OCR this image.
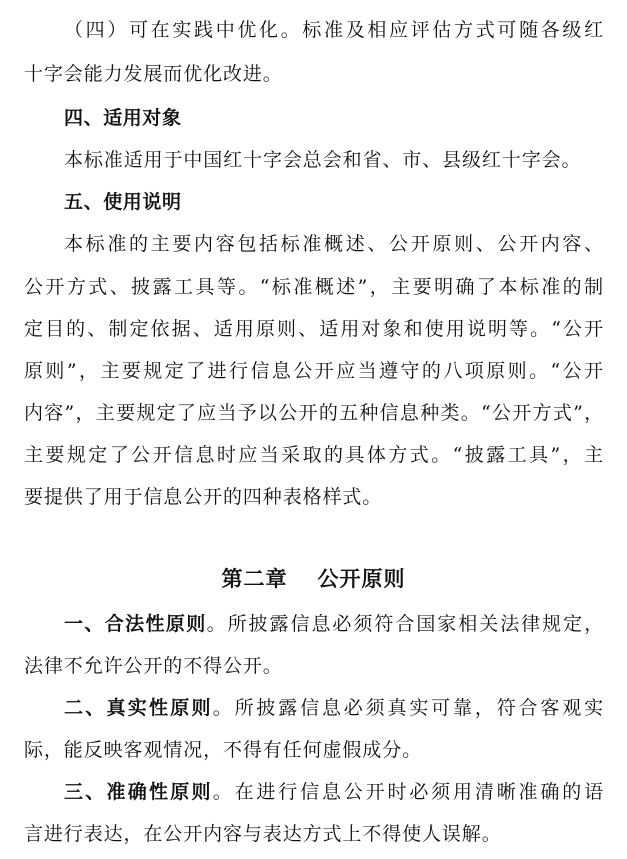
（四）可在实践中优化。标准及相应评估方式可随各级红
十字会能力发展而优化改进。
四、适用对象
本标准适用于中国红十字会总会和省、市、县级红十字会。
五、使用说明
本标准的主要内容包括标准概述、公开原则、公开内容、
公开方式、披露工具等。“标准概述”，主要明确了本标准的制
定目的、制定依据、适用原则、适用对象和使用说明等。“公开
原则”，主要规定了进行信息公开应当遵守的八项原则。“公开
内容”，主要规定了应当予以公开的五种信息种类。“公开方式”，
主要规定了公开信息时应当采取的具体方式。“披露工具”，主
要提供了用于信息公开的四种表格样式。
第二章 公开原则
一、合法性原则。所披露信息必须符合国家相关法律规定，
法律不允许公开的不得公开。
二、真实性原则。所披露信息必须真实可靠，符合客观实
际，能反映客观情况，不得有任何虚假成分。
三、准确性原则。在进行信息公开时必须用清晰准确的语
言进行表达，在公开内容与表达方式上不得使人误解。
